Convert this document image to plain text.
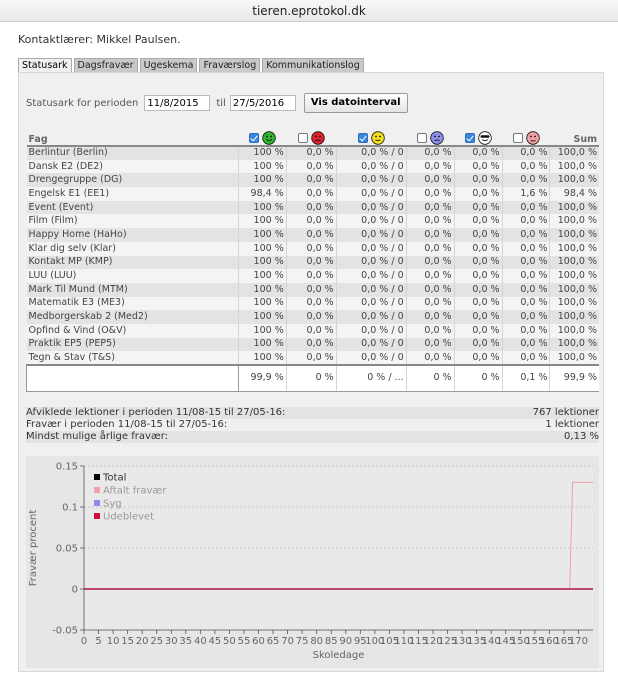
tieren.eprotokol.dk
Kontaktlærer: Mikkel Paulsen.
Statusark	Dagsfravær	Ugeskema	Fraværslog	Kommunikationslog
Statusark for perioden
11/8/2015	til
27/5/2016	Vis datointerval
Fag							Sum
Berlintur (Berlin)	100 %	0,0 %	0,0 % / 0	0,0 %	0,0 %	0,0 %	100,0 %
Dansk E2 (DE2)	100 %	0,0 %	0,0 % / 0	0,0 %	0,0 %	0,0 %	100,0 %
Drengegruppe (DG)	100 %	0,0 %	0,0 % / 0	0,0 %	0,0 %	0,0 %	100,0 %
Engelsk E1 (EE1)	98,4 %	0,0 %	0,0 % / 0	0,0 %	0,0 %	1,6 %	98,4 %
Event (Event)	100 %	0,0 %	0,0 % / 0	0,0 %	0,0 %	0,0 %	100,0 %
Film (Film)	100 %	0,0 %	0,0 % / 0	0,0 %	0,0 %	0,0 %	100,0 %
Happy Home (HaHo)	100 %	0,0 %	0,0 % / 0	0,0 %	0,0 %	0,0 %	100,0 %
Klar dig selv (Klar)	100 %	0,0 %	0,0 % / 0	0,0 %	0,0 %	0,0 %	100,0 %
Kontakt MP (KMP)	100 %	0,0 %	0,0 % / 0	0,0 %	0,0 %	0,0 %	100,0 %
LUU (LUU)	100 %	0,0 %	0,0 % / 0	0,0 %	0,0 %	0,0 %	100,0 %
Mark Til Mund (MTM)	100 %	0,0 %	0,0 % / 0	0,0 %	0,0 %	0,0 %	100,0 %
Matematik E3 (ME3)	100 %	0,0 %	0,0 % / 0	0,0 %	0,0 %	0,0 %	100,0 %
Medborgerskab 2 (Med2)	100 %	0,0 %	0,0 % / 0	0,0 %	0,0 %	0,0 %	100,0 %
Opfind & Vind (O&V)	100 %	0,0 %	0,0 % / 0	0,0 %	0,0 %	0,0 %	100,0 %
Praktik EP5 (PEP5)	100 %	0,0 %	0,0 % / 0	0,0 %	0,0 %	0,0 %	100,0 %
Tegn & Stav (T&S)	100 %	0,0 %	0,0 % / 0	0,0 %	0,0 %	0,0 %	100,0 %
	99,9 %	0 %	0 % / ...	0 %	0 %	0,1 %	99,9 %
Afviklede lektioner i perioden 11/08-15 til 27/05-16:	767 lektioner
Fravær i perioden 11/08-15 til 27/05-16:	1 lektioner
Mindst mulige årlige fravær:	0,13 %
0.15
0.1
0.05
0
-0.05
0 5 10 15 20 25 30 35 40 45 50 55 60 65 70 75 80 85 90 95
100
105
110
115
120
125
130
135
140
145
150
155
160
165
170
Skoledage
Fravær procent
Total
Aftalt fravær
Syg
Udeblevet
